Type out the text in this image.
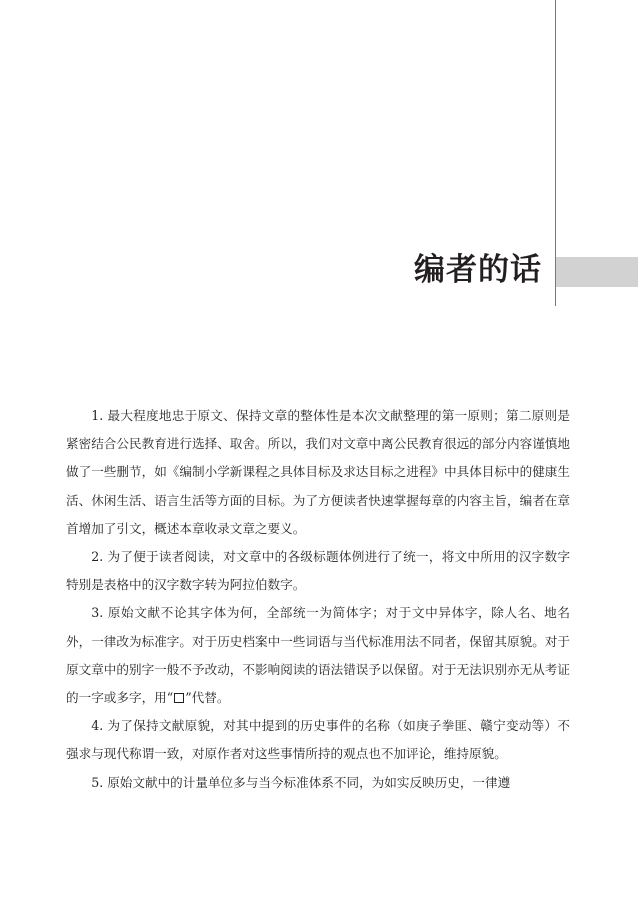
编者的话

1. 最大程度地忠于原文、保持文章的整体性是本次文献整理的第一原则；第二原则是紧密结合公民教育进行选择、取舍。所以，我们对文章中离公民教育很远的部分内容谨慎地做了一些删节，如《编制小学新课程之具体目标及求达目标之进程》中具体目标中的健康生活、休闲生活、语言生活等方面的目标。为了方便读者快速掌握每章的内容主旨，编者在章首增加了引文，概述本章收录文章之要义。

2. 为了便于读者阅读，对文章中的各级标题体例进行了统一，将文中所用的汉字数字特别是表格中的汉字数字转为阿拉伯数字。

3. 原始文献不论其字体为何，全部统一为简体字；对于文中异体字，除人名、地名外，一律改为标准字。对于历史档案中一些词语与当代标准用法不同者，保留其原貌。对于原文章中的别字一般不予改动，不影响阅读的语法错误予以保留。对于无法识别亦无从考证的一字或多字，用“ ”代替。

4. 为了保持文献原貌，对其中提到的历史事件的名称（如庚子拳匪、赣宁变动等）不强求与现代称谓一致，对原作者对这些事情所持的观点也不加评论，维持原貌。

5. 原始文献中的计量单位多与当今标准体系不同，为如实反映历史，一律遵
